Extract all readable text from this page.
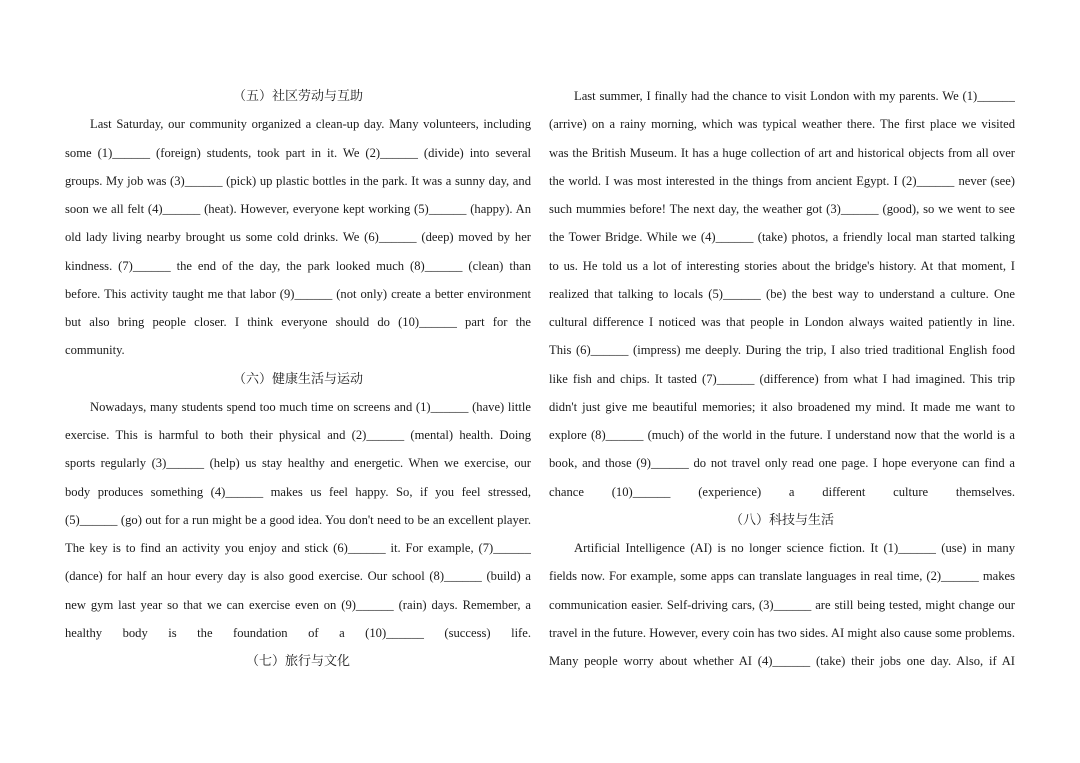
（五）社区劳动与互助
Last Saturday, our community organized a clean-up day. Many volunteers, including
some (1)______ (foreign) students, took part in it. We (2)______ (divide) into several
groups. My job was (3)______ (pick) up plastic bottles in the park. It was a sunny day, and
soon we all felt (4)______ (heat). However, everyone kept working (5)______ (happy). An
old lady living nearby brought us some cold drinks. We (6)______ (deep) moved by her
kindness. (7)______ the end of the day, the park looked much (8)______ (clean) than
before. This activity taught me that labor (9)______ (not only) create a better environment
but also bring people closer. I think everyone should do (10)______ part for the
community.
（六）健康生活与运动
Nowadays, many students spend too much time on screens and (1)______ (have) little
exercise. This is harmful to both their physical and (2)______ (mental) health. Doing
sports regularly (3)______ (help) us stay healthy and energetic. When we exercise, our
body produces something (4)______ makes us feel happy. So, if you feel stressed,
(5)______ (go) out for a run might be a good idea. You don't need to be an excellent player.
The key is to find an activity you enjoy and stick (6)______ it. For example, (7)______
(dance) for half an hour every day is also good exercise. Our school (8)______ (build) a
new gym last year so that we can exercise even on (9)______ (rain) days. Remember, a
healthy body is the foundation of a (10)______ (success) life.
（七）旅行与文化
Last summer, I finally had the chance to visit London with my parents. We (1)______
(arrive) on a rainy morning, which was typical weather there. The first place we visited
was the British Museum. It has a huge collection of art and historical objects from all over
the world. I was most interested in the things from ancient Egypt. I (2)______ never (see)
such mummies before! The next day, the weather got (3)______ (good), so we went to see
the Tower Bridge. While we (4)______ (take) photos, a friendly local man started talking
to us. He told us a lot of interesting stories about the bridge's history. At that moment, I
realized that talking to locals (5)______ (be) the best way to understand a culture. One
cultural difference I noticed was that people in London always waited patiently in line.
This (6)______ (impress) me deeply. During the trip, I also tried traditional English food
like fish and chips. It tasted (7)______ (difference) from what I had imagined. This trip
didn't just give me beautiful memories; it also broadened my mind. It made me want to
explore (8)______ (much) of the world in the future. I understand now that the world is a
book, and those (9)______ do not travel only read one page. I hope everyone can find a
chance (10)______ (experience) a different culture themselves.
（八）科技与生活
Artificial Intelligence (AI) is no longer science fiction. It (1)______ (use) in many
fields now. For example, some apps can translate languages in real time, (2)______ makes
communication easier. Self-driving cars, (3)______ are still being tested, might change our
travel in the future. However, every coin has two sides. AI might also cause some problems.
Many people worry about whether AI (4)______ (take) their jobs one day. Also, if AI
